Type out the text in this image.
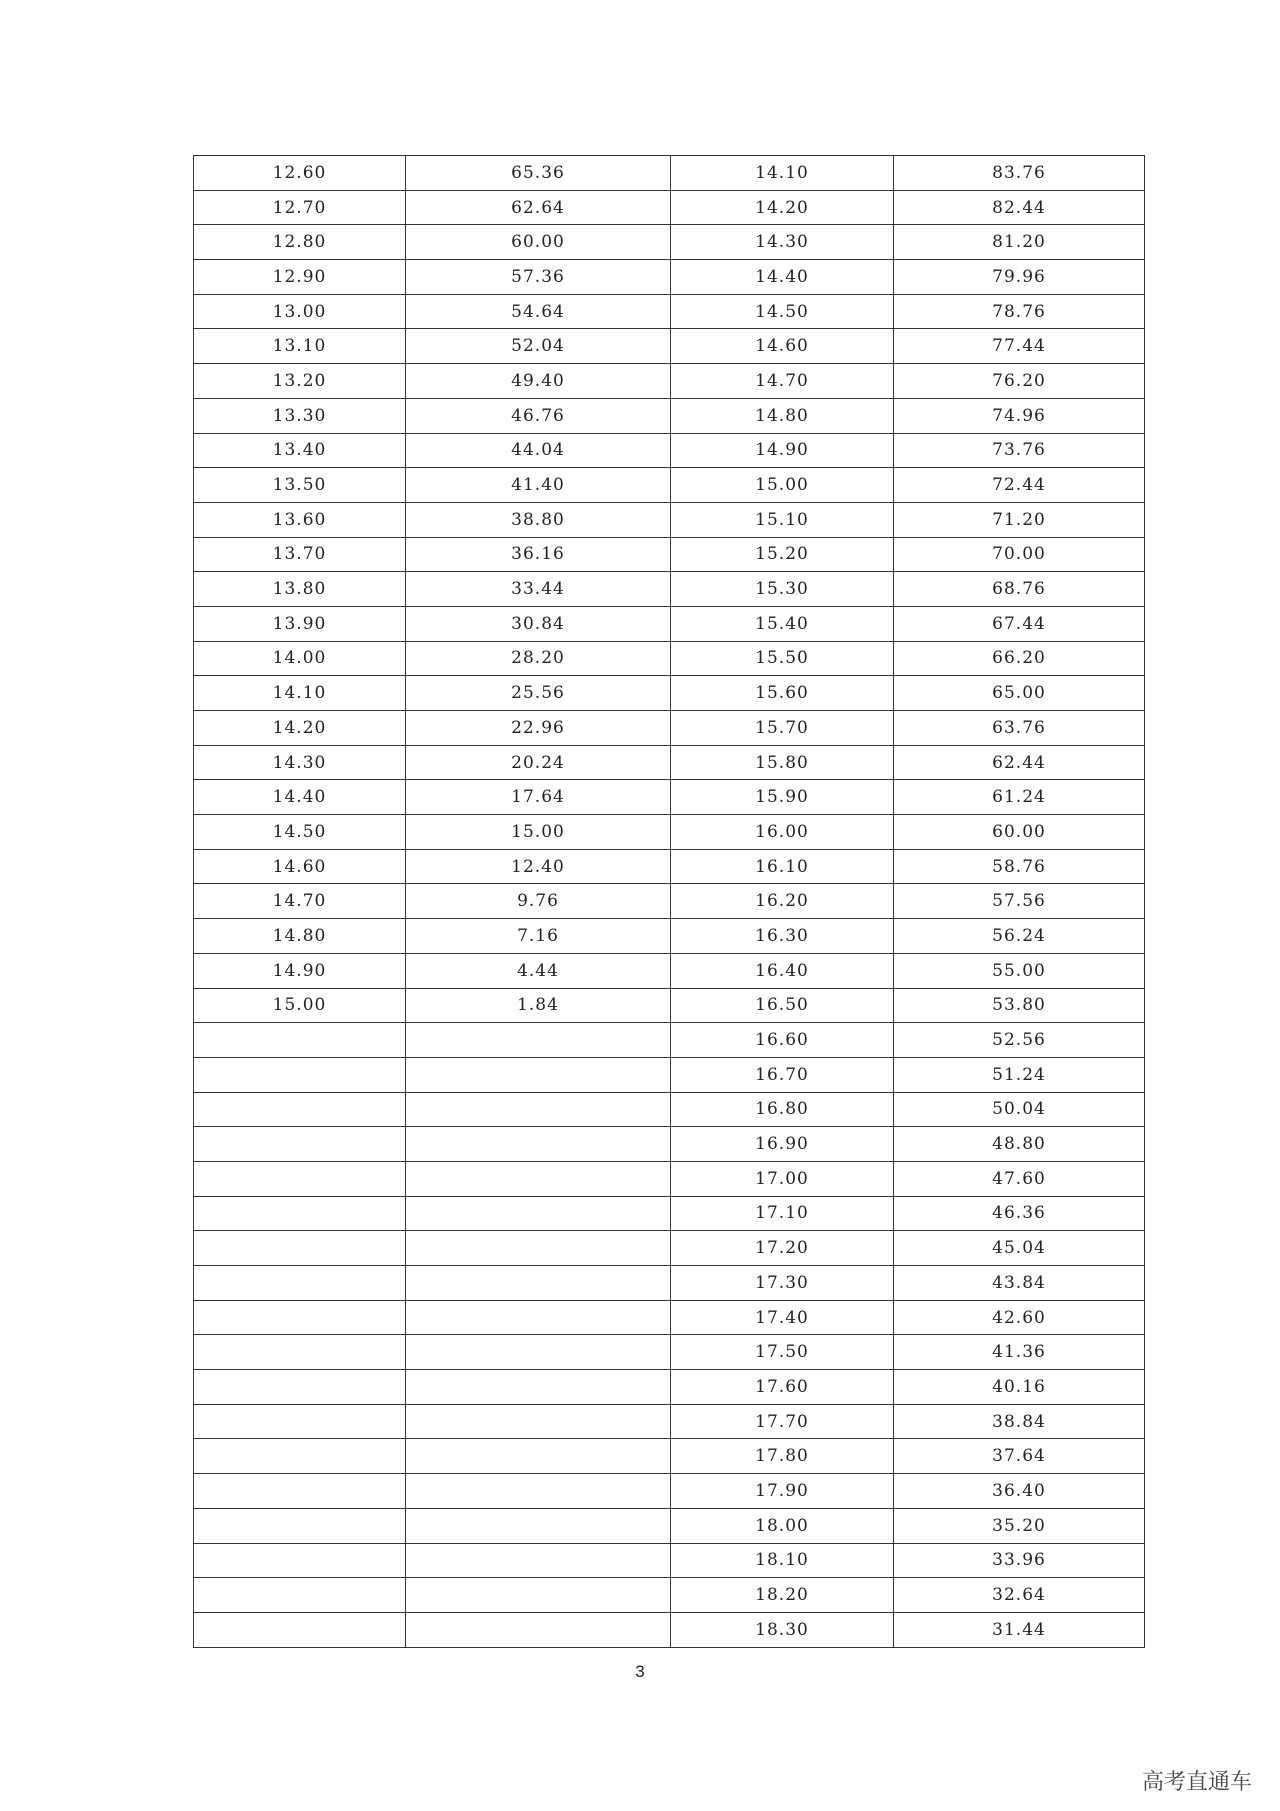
12.60	65.36	14.10	83.76
12.70	62.64	14.20	82.44
12.80	60.00	14.30	81.20
12.90	57.36	14.40	79.96
13.00	54.64	14.50	78.76
13.10	52.04	14.60	77.44
13.20	49.40	14.70	76.20
13.30	46.76	14.80	74.96
13.40	44.04	14.90	73.76
13.50	41.40	15.00	72.44
13.60	38.80	15.10	71.20
13.70	36.16	15.20	70.00
13.80	33.44	15.30	68.76
13.90	30.84	15.40	67.44
14.00	28.20	15.50	66.20
14.10	25.56	15.60	65.00
14.20	22.96	15.70	63.76
14.30	20.24	15.80	62.44
14.40	17.64	15.90	61.24
14.50	15.00	16.00	60.00
14.60	12.40	16.10	58.76
14.70	9.76	16.20	57.56
14.80	7.16	16.30	56.24
14.90	4.44	16.40	55.00
15.00	1.84	16.50	53.80
		16.60	52.56
		16.70	51.24
		16.80	50.04
		16.90	48.80
		17.00	47.60
		17.10	46.36
		17.20	45.04
		17.30	43.84
		17.40	42.60
		17.50	41.36
		17.60	40.16
		17.70	38.84
		17.80	37.64
		17.90	36.40
		18.00	35.20
		18.10	33.96
		18.20	32.64
		18.30	31.44
3
高考直通车
